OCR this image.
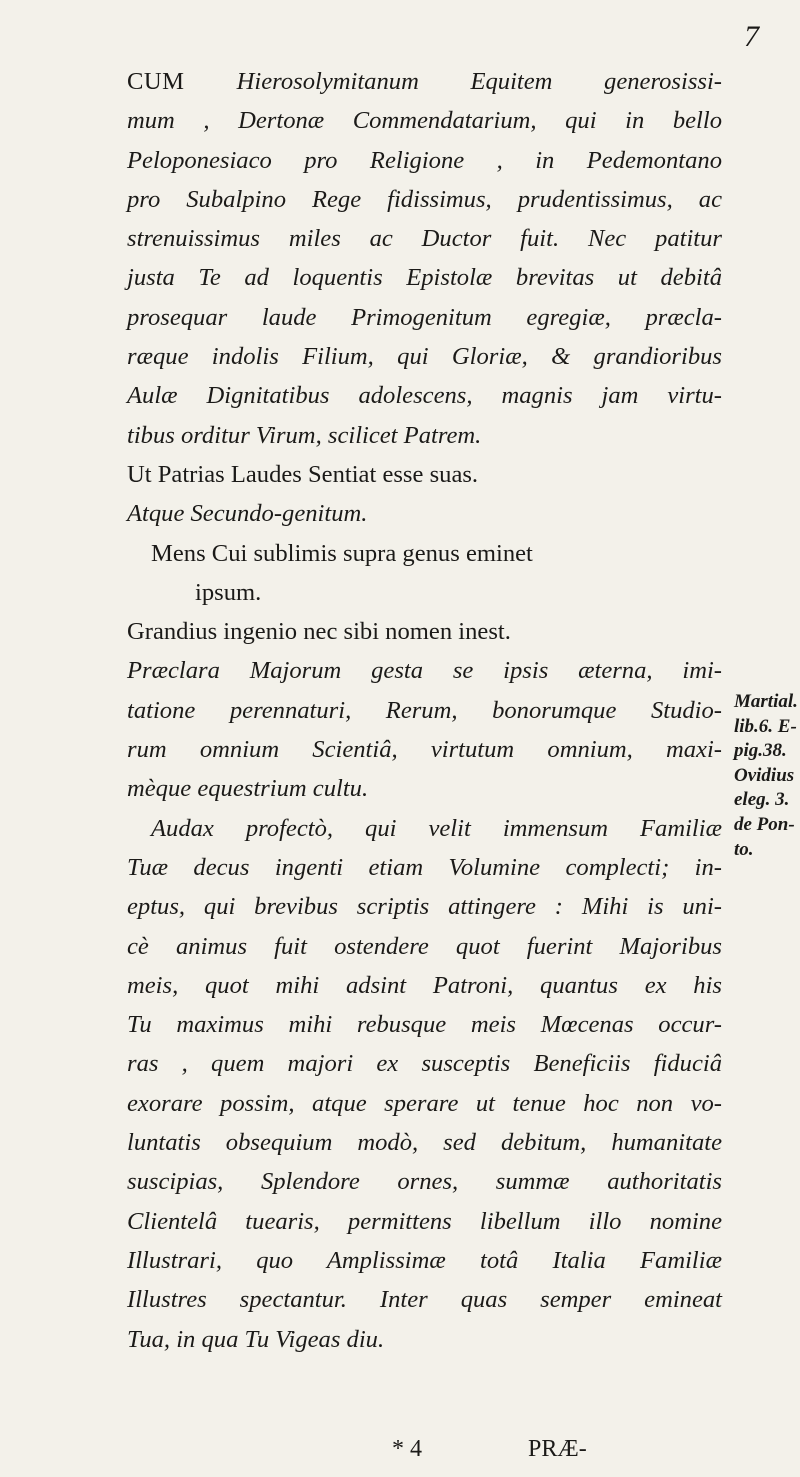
7
CUM Hierosolymitanum Equitem generosissi-
mum , Dertonæ Commendatarium, qui in bello
Peloponesiaco pro Religione , in Pedemontano
pro Subalpino Rege fidissimus, prudentissimus, ac
strenuissimus miles ac Ductor fuit. Nec patitur
justa Te ad loquentis Epistolæ brevitas ut debitâ
prosequar laude Primogenitum egregiæ, præcla-
ræque indolis Filium, qui Gloriæ, & grandioribus
Aulæ Dignitatibus adolescens, magnis jam virtu-
tibus orditur Virum, scilicet Patrem.
Ut Patrias Laudes Sentiat esse suas.
Atque Secundo-genitum.
Mens Cui sublimis supra genus eminet
ipsum.
Grandius ingenio nec sibi nomen inest.
Præclara Majorum gesta se ipsis æterna, imi-
tatione perennaturi, Rerum, bonorumque Studio-
rum omnium Scientiâ, virtutum omnium, maxi-
mèque equestrium cultu.
Audax profectò, qui velit immensum Familiæ
Tuæ decus ingenti etiam Volumine complecti; in-
eptus, qui brevibus scriptis attingere : Mihi is uni-
cè animus fuit ostendere quot fuerint Majoribus
meis, quot mihi adsint Patroni, quantus ex his
Tu maximus mihi rebusque meis Mœcenas occur-
ras , quem majori ex susceptis Beneficiis fiduciâ
exorare possim, atque sperare ut tenue hoc non vo-
luntatis obsequium modò, sed debitum, humanitate
suscipias, Splendore ornes, summæ authoritatis
Clientelâ tuearis, permittens libellum illo nomine
Illustrari, quo Amplissimæ totâ Italia Familiæ
Illustres spectantur. Inter quas semper emineat
Tua, in qua Tu Vigeas diu.
Martial.
lib.6. E-
pig.38.
Ovidius
eleg. 3.
de Pon-
to.
* 4	PRÆ-
